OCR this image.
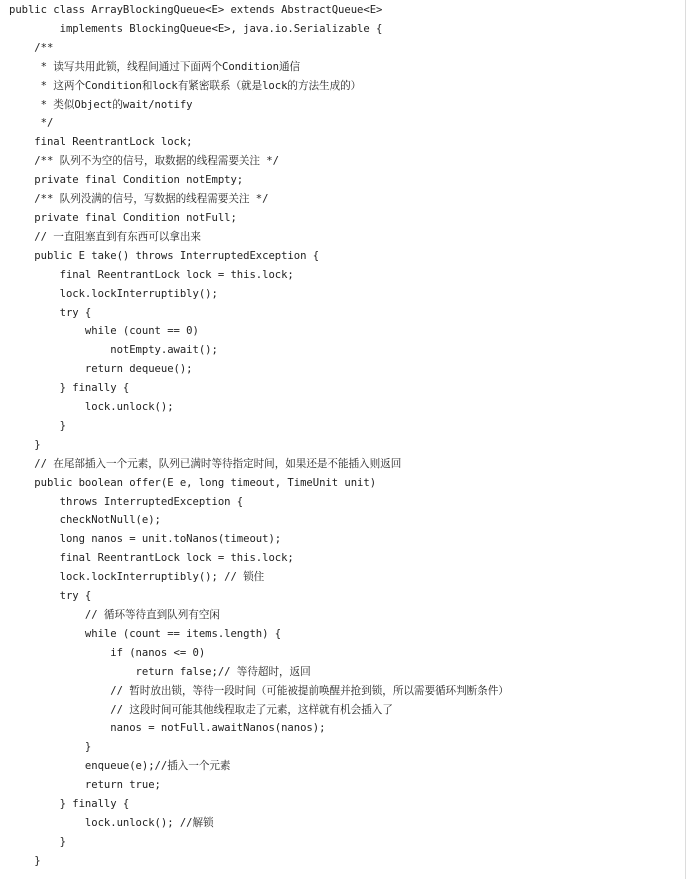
public class ArrayBlockingQueue<E> extends AbstractQueue<E>
implements BlockingQueue<E>, java.io.Serializable {
/**
* 读写共用此锁，线程间通过下面两个Condition通信
* 这两个Condition和lock有紧密联系（就是lock的方法生成的）
* 类似Object的wait/notify
*/
final ReentrantLock lock;
/** 队列不为空的信号，取数据的线程需要关注 */
private final Condition notEmpty;
/** 队列没满的信号，写数据的线程需要关注 */
private final Condition notFull;
// 一直阻塞直到有东西可以拿出来
public E take() throws InterruptedException {
final ReentrantLock lock = this.lock;
lock.lockInterruptibly();
try {
while (count == 0)
notEmpty.await();
return dequeue();
} finally {
lock.unlock();
}
}
// 在尾部插入一个元素，队列已满时等待指定时间，如果还是不能插入则返回
public boolean offer(E e, long timeout, TimeUnit unit)
throws InterruptedException {
checkNotNull(e);
long nanos = unit.toNanos(timeout);
final ReentrantLock lock = this.lock;
lock.lockInterruptibly(); // 锁住
try {
// 循环等待直到队列有空闲
while (count == items.length) {
if (nanos <= 0)
return false;// 等待超时，返回
// 暂时放出锁，等待一段时间（可能被提前唤醒并抢到锁，所以需要循环判断条件）
// 这段时间可能其他线程取走了元素，这样就有机会插入了
nanos = notFull.awaitNanos(nanos);
}
enqueue(e);//插入一个元素
return true;
} finally {
lock.unlock(); //解锁
}
}
